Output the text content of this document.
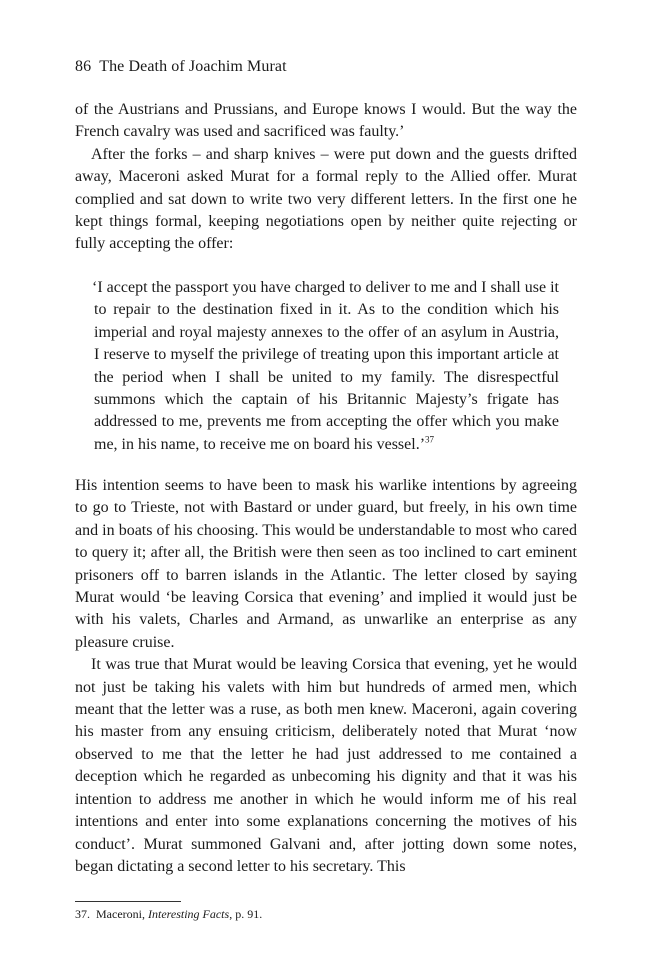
86 The Death of Joachim Murat

of the Austrians and Prussians, and Europe knows I would. But the way the French cavalry was used and sacrificed was faulty.’

After the forks – and sharp knives – were put down and the guests drifted away, Maceroni asked Murat for a formal reply to the Allied offer. Murat complied and sat down to write two very different letters. In the first one he kept things formal, keeping negotiations open by neither quite rejecting or fully accepting the offer:

‘I accept the passport you have charged to deliver to me and I shall use it to repair to the destination fixed in it. As to the condition which his imperial and royal majesty annexes to the offer of an asylum in Austria, I reserve to myself the privilege of treating upon this important article at the period when I shall be united to my family. The disrespectful summons which the captain of his Britannic Majesty’s frigate has addressed to me, prevents me from accepting the offer which you make me, in his name, to receive me on board his vessel.’$^{37}$

His intention seems to have been to mask his warlike intentions by agreeing to go to Trieste, not with Bastard or under guard, but freely, in his own time and in boats of his choosing. This would be understandable to most who cared to query it; after all, the British were then seen as too inclined to cart eminent prisoners off to barren islands in the Atlantic. The letter closed by saying Murat would ‘be leaving Corsica that evening’ and implied it would just be with his valets, Charles and Armand, as unwarlike an enterprise as any pleasure cruise.

It was true that Murat would be leaving Corsica that evening, yet he would not just be taking his valets with him but hundreds of armed men, which meant that the letter was a ruse, as both men knew. Maceroni, again covering his master from any ensuing criticism, deliberately noted that Murat ‘now observed to me that the letter he had just addressed to me contained a deception which he regarded as unbecoming his dignity and that it was his intention to address me another in which he would inform me of his real intentions and enter into some explanations concerning the motives of his conduct’. Murat summoned Galvani and, after jotting down some notes, began dictating a second letter to his secretary. This

37. Maceroni, Interesting Facts, p. 91.
